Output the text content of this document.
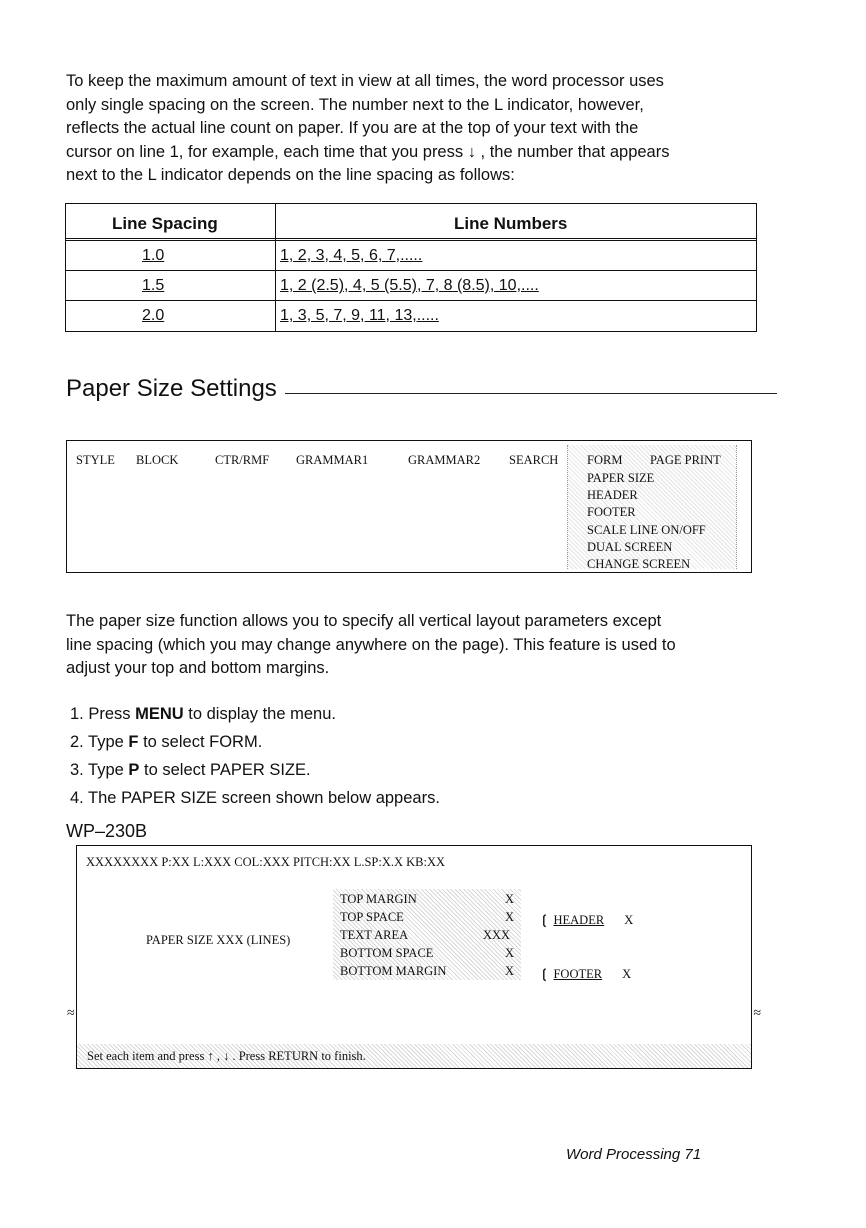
To keep the maximum amount of text in view at all times, the word processor uses

only single spacing on the screen. The number next to the L indicator, however,

reflects the actual line count on paper. If you are at the top of your text with the

cursor on line 1, for example, each time that you press ↓ , the number that appears

next to the L indicator depends on the line spacing as follows:

Line Spacing	Line Numbers
1.0	1, 2, 3, 4, 5, 6, 7,.....
1.5	1, 2 (2.5), 4, 5 (5.5), 7, 8 (8.5), 10,....
2.0	1, 3, 5, 7, 9, 11, 13,.....
Paper Size Settings
STYLE BLOCK	CTR/RMF GRAMMAR1	GRAMMAR2 SEARCH FORM PAGE PRINT
PAPER SIZE
HEADER
FOOTER
SCALE LINE ON/OFF
DUAL SCREEN
CHANGE SCREEN

The paper size function allows you to specify all vertical layout parameters except

line spacing (which you may change anywhere on the page). This feature is used to

adjust your top and bottom margins.

1. Press MENU to display the menu.
2. Type F to select FORM.
3. Type P to select PAPER SIZE.
4. The PAPER SIZE screen shown below appears.
WP–230B
XXXXXXXX P:XX L:XXX COL:XXX PITCH:XX L.SP:X.X KB:XX
PAPER SIZE XXX (LINES)
TOP MARGIN	X
TOP SPACE	X
TEXT AREA	XXX
BOTTOM SPACE	X
BOTTOM MARGIN	X
❲ HEADER X
❲ FOOTER X
≈	≈
Set each item and press ↑ , ↓ . Press RETURN to finish.
Word Processing 71
